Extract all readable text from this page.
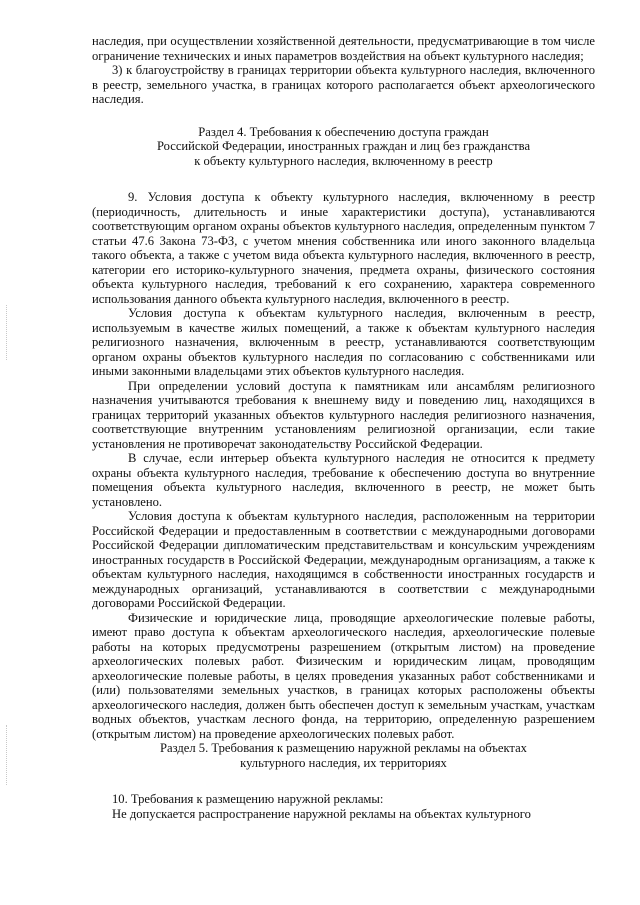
наследия, при осуществлении хозяйственной деятельности, предусматривающие в том числе ограничение технических и иных параметров воздействия на объект культурного наследия;

3) к благоустройству в границах территории объекта культурного наследия, включенного в реестр, земельного участка, в границах которого располагается объект археологического наследия.

Раздел 4. Требования к обеспечению доступа граждан
Российской Федерации, иностранных граждан и лиц без гражданства
к объекту культурного наследия, включенному в реестр

9. Условия доступа к объекту культурного наследия, включенному в реестр (периодичность, длительность и иные характеристики доступа), устанавливаются соответствующим органом охраны объектов культурного наследия, определенным пунктом 7 статьи 47.6 Закона 73-ФЗ, с учетом мнения собственника или иного законного владельца такого объекта, а также с учетом вида объекта культурного наследия, включенного в реестр, категории его историко-культурного значения, предмета охраны, физического состояния объекта культурного наследия, требований к его сохранению, характера современного использования данного объекта культурного наследия, включенного в реестр.

Условия доступа к объектам культурного наследия, включенным в реестр, используемым в качестве жилых помещений, а также к объектам культурного наследия религиозного назначения, включенным в реестр, устанавливаются соответствующим органом охраны объектов культурного наследия по согласованию с собственниками или иными законными владельцами этих объектов культурного наследия.

При определении условий доступа к памятникам или ансамблям религиозного назначения учитываются требования к внешнему виду и поведению лиц, находящихся в границах территорий указанных объектов культурного наследия религиозного назначения, соответствующие внутренним установлениям религиозной организации, если такие установления не противоречат законодательству Российской Федерации.

В случае, если интерьер объекта культурного наследия не относится к предмету охраны объекта культурного наследия, требование к обеспечению доступа во внутренние помещения объекта культурного наследия, включенного в реестр, не может быть установлено.

Условия доступа к объектам культурного наследия, расположенным на территории Российской Федерации и предоставленным в соответствии с международными договорами Российской Федерации дипломатическим представительствам и консульским учреждениям иностранных государств в Российской Федерации, международным организациям, а также к объектам культурного наследия, находящимся в собственности иностранных государств и международных организаций, устанавливаются в соответствии с международными договорами Российской Федерации.

Физические и юридические лица, проводящие археологические полевые работы, имеют право доступа к объектам археологического наследия, археологические полевые работы на которых предусмотрены разрешением (открытым листом) на проведение археологических полевых работ. Физическим и юридическим лицам, проводящим археологические полевые работы, в целях проведения указанных работ собственниками и (или) пользователями земельных участков, в границах которых расположены объекты археологического наследия, должен быть обеспечен доступ к земельным участкам, участкам водных объектов, участкам лесного фонда, на территорию, определенную разрешением (открытым листом) на проведение археологических полевых работ.

Раздел 5. Требования к размещению наружной рекламы на объектах
культурного наследия, их территориях

10. Требования к размещению наружной рекламы:

Не допускается распространение наружной рекламы на объектах культурного
